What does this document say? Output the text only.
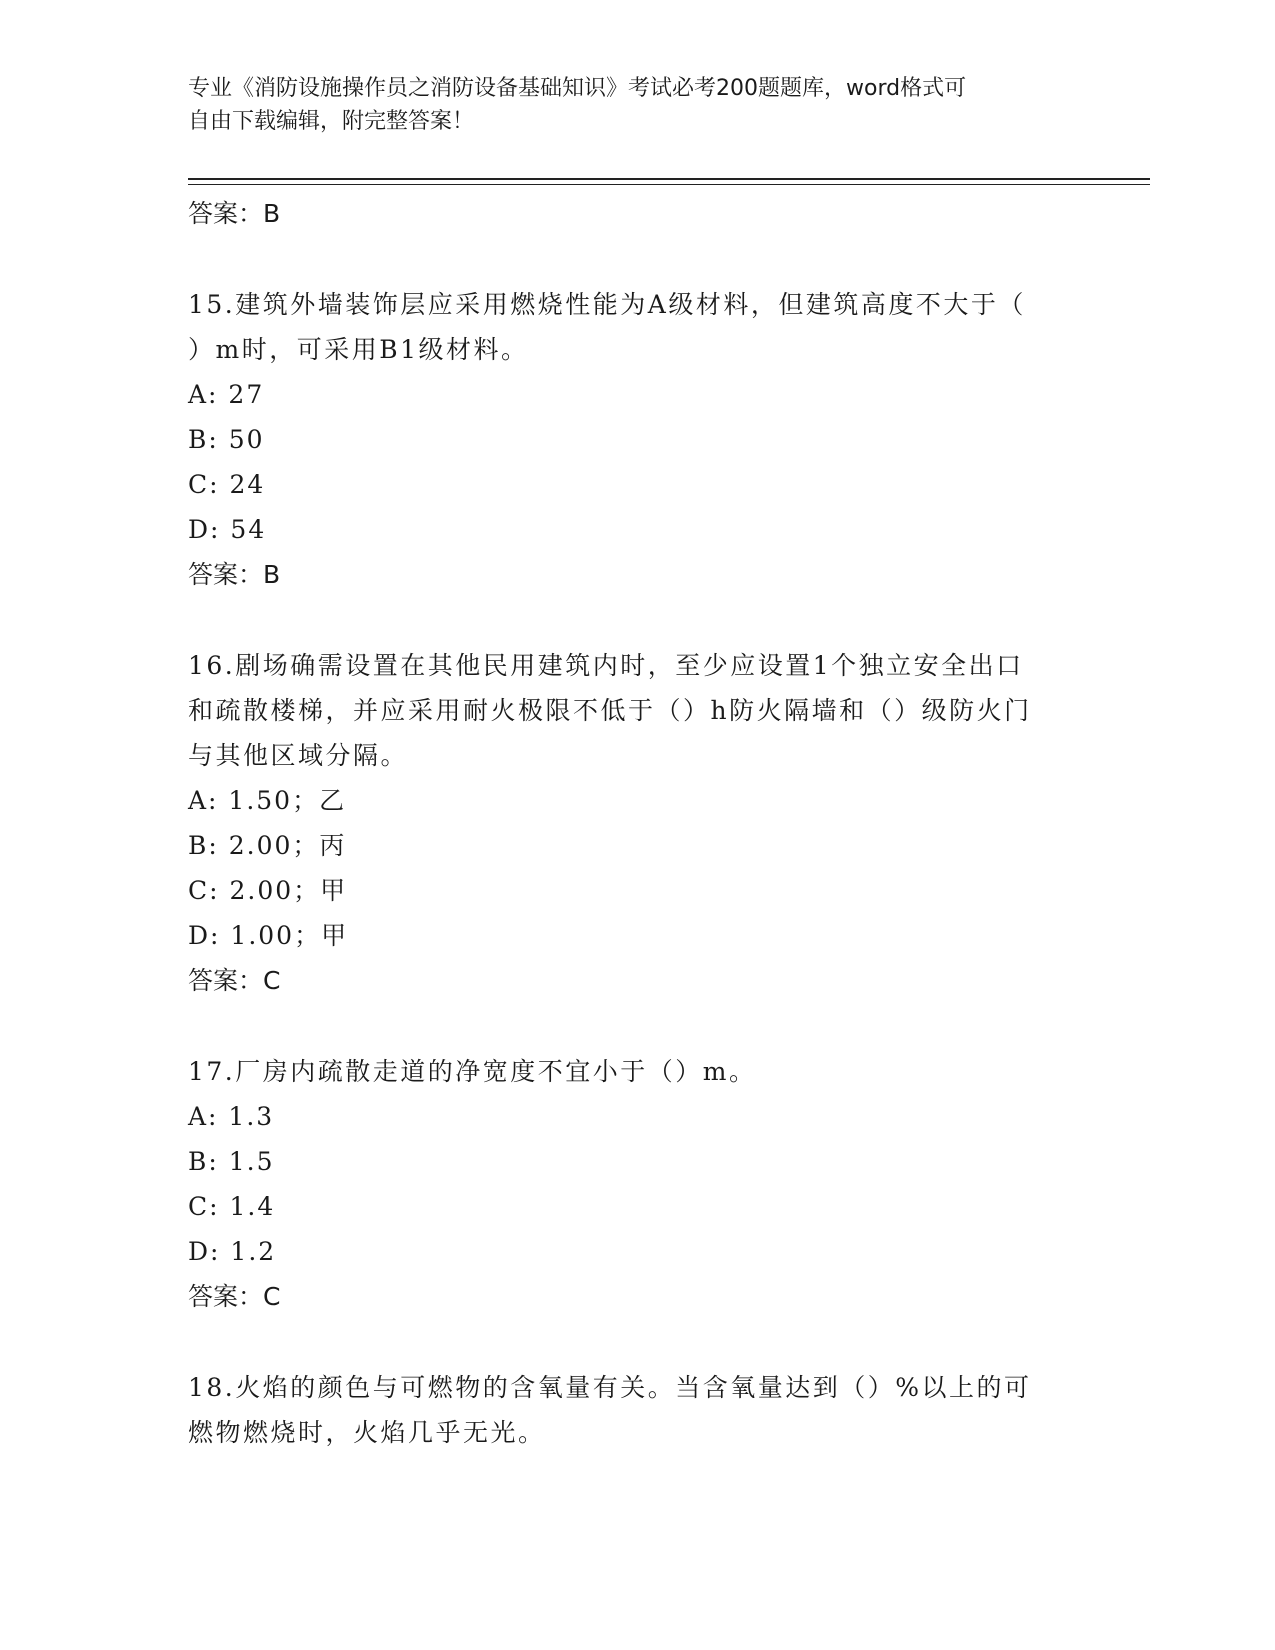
专业《消防设施操作员之消防设备基础知识》考试必考200题题库，word格式可
自由下载编辑，附完整答案！
答案：B
15.建筑外墙装饰层应采用燃烧性能为A级材料，但建筑高度不大于（
）m时，可采用B1级材料。
A: 27
B: 50
C: 24
D: 54
答案：B
16.剧场确需设置在其他民用建筑内时，至少应设置1个独立安全出口
和疏散楼梯，并应采用耐火极限不低于（）h防火隔墙和（）级防火门
与其他区域分隔。
A: 1.50；乙
B: 2.00；丙
C: 2.00；甲
D: 1.00；甲
答案：C
17.厂房内疏散走道的净宽度不宜小于（）m。
A: 1.3
B: 1.5
C: 1.4
D: 1.2
答案：C
18.火焰的颜色与可燃物的含氧量有关。当含氧量达到（）%以上的可
燃物燃烧时，火焰几乎无光。
